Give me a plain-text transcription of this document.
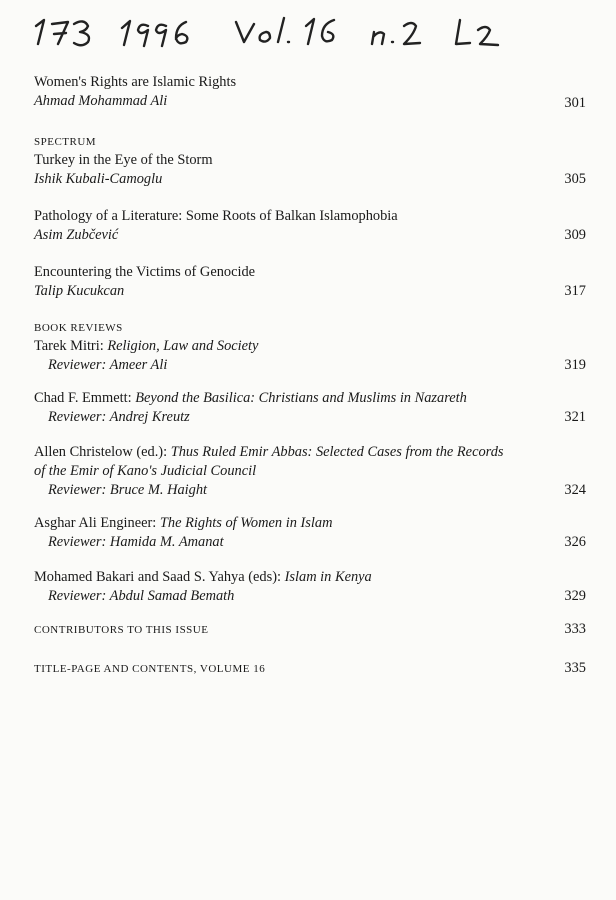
Women's Rights are Islamic Rights
Ahmad Mohammad Ali	301
SPECTRUM
Turkey in the Eye of the Storm
Ishik Kubali-Camoglu	305
Pathology of a Literature: Some Roots of Balkan Islamophobia
Asim Zubčević	309
Encountering the Victims of Genocide
Talip Kucukcan	317
BOOK REVIEWS
Tarek Mitri: Religion, Law and Society
Reviewer: Ameer Ali	319
Chad F. Emmett: Beyond the Basilica: Christians and Muslims in Nazareth
Reviewer: Andrej Kreutz	321
Allen Christelow (ed.): Thus Ruled Emir Abbas: Selected Cases from the Records
of the Emir of Kano's Judicial Council
Reviewer: Bruce M. Haight	324
Asghar Ali Engineer: The Rights of Women in Islam
Reviewer: Hamida M. Amanat	326
Mohamed Bakari and Saad S. Yahya (eds): Islam in Kenya
Reviewer: Abdul Samad Bemath	329
CONTRIBUTORS TO THIS ISSUE	333
TITLE-PAGE AND CONTENTS, VOLUME 16	335
